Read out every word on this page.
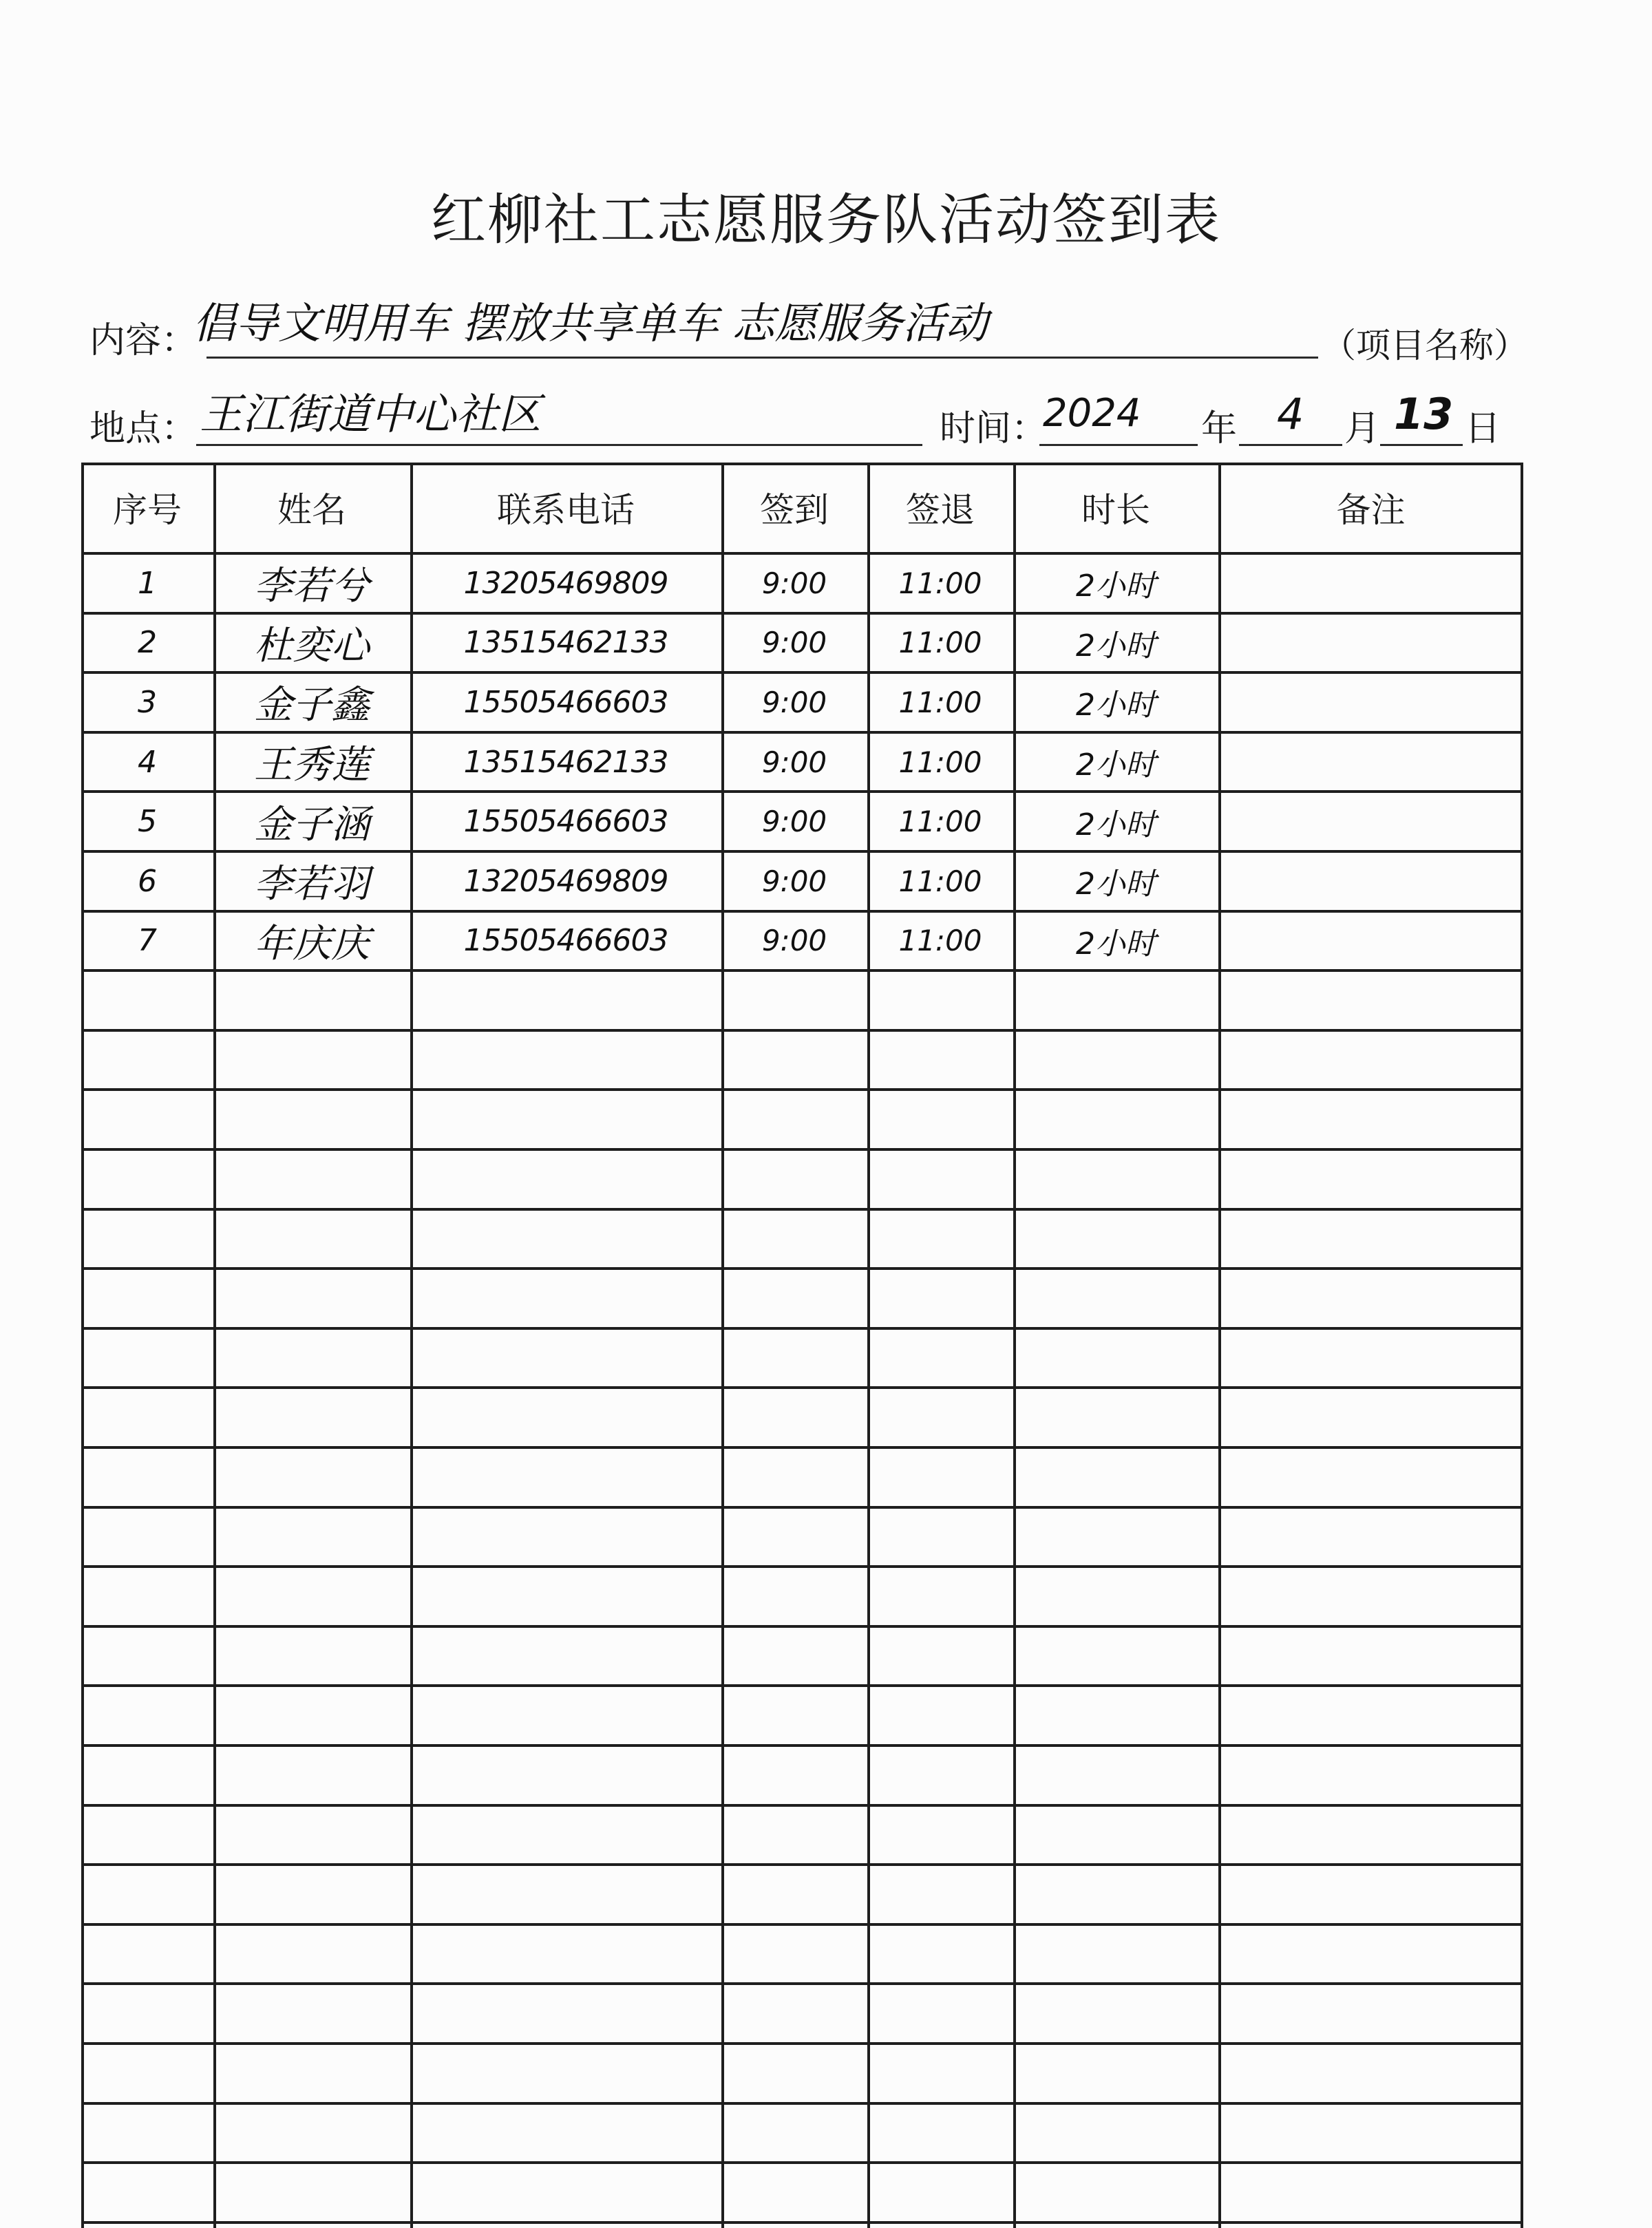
红柳社工志愿服务队活动签到表
内容：
倡导文明用车 摆放共享单车 志愿服务活动	（项目名称）
地点： 王江街道中心社区	时间：
2024 年 4 月 13 日
序号	姓名	联系电话	签到	签退	时长	备注
1	李若兮	13205469809	9:00	11:00	2小时
2	杜奕心	13515462133	9:00	11:00	2小时
3	金子鑫	15505466603	9:00	11:00	2小时
4	王秀莲	13515462133	9:00	11:00	2小时
5	金子涵	15505466603	9:00	11:00	2小时
6	李若羽	13205469809	9:00	11:00	2小时
7	年庆庆	15505466603	9:00	11:00	2小时
